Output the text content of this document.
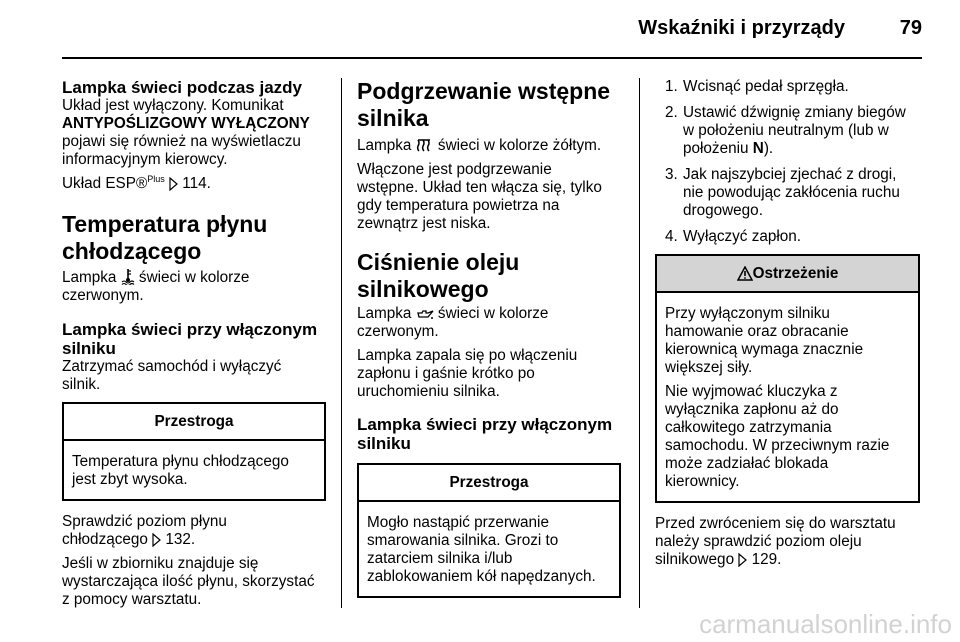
Wskaźniki i przyrządy	79
Lampka świeci podczas jazdy
Układ jest wyłączony. Komunikat
ANTYPOŚLIZGOWY WYŁĄCZONY
pojawi się również na wyświetlaczu
informacyjnym kierowcy.
Układ ESP®$^{Plus}$ 114.
Temperatura płynu
chłodzącego
Lampka świeci w kolorze
czerwonym.
Lampka świeci przy włączonym
silniku
Zatrzymać samochód i wyłączyć
silnik.
Przestroga
Temperatura płynu chłodzącego
jest zbyt wysoka.
Sprawdzić poziom płynu
chłodzącego 132.
Jeśli w zbiorniku znajduje się
wystarczająca ilość płynu, skorzystać
z pomocy warsztatu.
Podgrzewanie wstępne
silnika
Lampka świeci w kolorze żółtym.
Włączone jest podgrzewanie
wstępne. Układ ten włącza się, tylko
gdy temperatura powietrza na
zewnątrz jest niska.
Ciśnienie oleju silnikowego
Lampka świeci w kolorze
czerwonym.
Lampka zapala się po włączeniu
zapłonu i gaśnie krótko po
uruchomieniu silnika.
Lampka świeci przy włączonym
silniku
Przestroga
Mogło nastąpić przerwanie
smarowania silnika. Grozi to
zatarciem silnika i/lub
zablokowaniem kół napędzanych.
1. Wcisnąć pedał sprzęgła.
2. Ustawić dźwignię zmiany biegów
w położeniu neutralnym (lub w
położeniu N).
3. Jak najszybciej zjechać z drogi,
nie powodując zakłócenia ruchu
drogowego.
4. Wyłączyć zapłon.
Ostrzeżenie
Przy wyłączonym silniku
hamowanie oraz obracanie
kierownicą wymaga znacznie
większej siły.
Nie wyjmować kluczyka z
wyłącznika zapłonu aż do
całkowitego zatrzymania
samochodu. W przeciwnym razie
może zadziałać blokada
kierownicy.
Przed zwróceniem się do warsztatu
należy sprawdzić poziom oleju
silnikowego 129.
carmanualsonline.info
